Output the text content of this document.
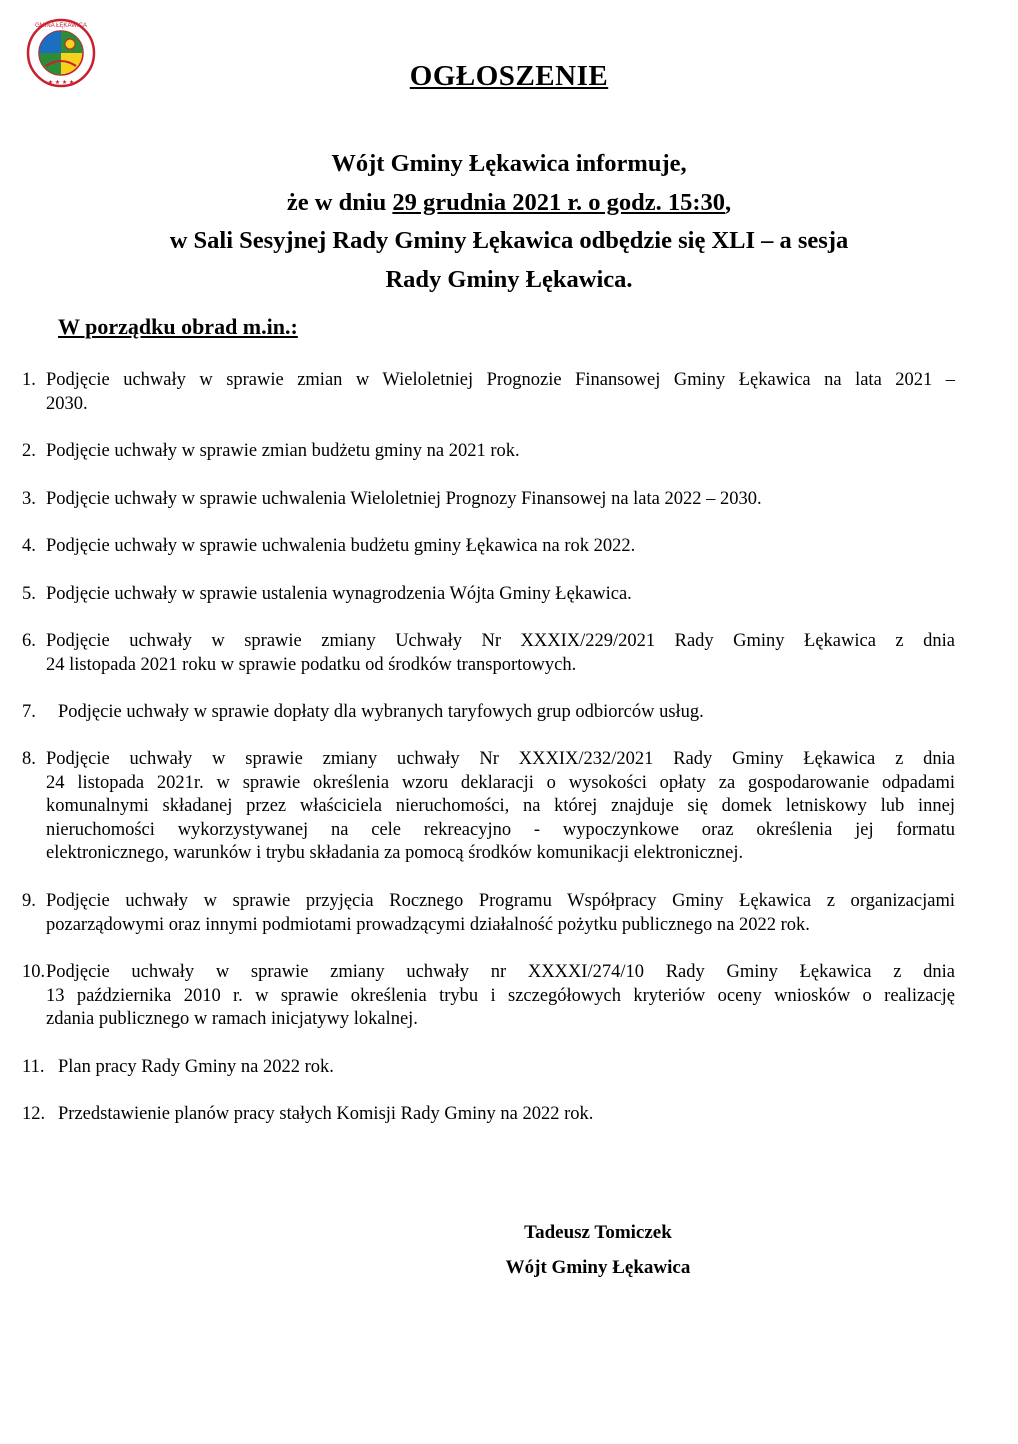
GMINA ŁĘKAWICA
★ ★ ★ ★	OGŁOSZENIE
Wójt Gminy Łękawica informuje,
że w dniu 29 grudnia 2021 r. o godz. 15:30,
w Sali Sesyjnej Rady Gminy Łękawica odbędzie się XLI – a sesja
Rady Gminy Łękawica.
W porządku obrad m.in.:
1. Podjęcie uchwały w sprawie zmian w Wieloletniej Prognozie Finansowej Gminy Łękawica na lata 2021 –
2030.
2. Podjęcie uchwały w sprawie zmian budżetu gminy na 2021 rok.
3. Podjęcie uchwały w sprawie uchwalenia Wieloletniej Prognozy Finansowej na lata 2022 – 2030.
4. Podjęcie uchwały w sprawie uchwalenia budżetu gminy Łękawica na rok 2022.
5. Podjęcie uchwały w sprawie ustalenia wynagrodzenia Wójta Gminy Łękawica.
6. Podjęcie uchwały w sprawie zmiany Uchwały Nr XXXIX/229/2021 Rady Gminy Łękawica z dnia
24 listopada 2021 roku w sprawie podatku od środków transportowych.
7. Podjęcie uchwały w sprawie dopłaty dla wybranych taryfowych grup odbiorców usług.
8. Podjęcie uchwały w sprawie zmiany uchwały Nr XXXIX/232/2021 Rady Gminy Łękawica z dnia
24 listopada 2021r. w sprawie określenia wzoru deklaracji o wysokości opłaty za gospodarowanie odpadami
komunalnymi składanej przez właściciela nieruchomości, na której znajduje się domek letniskowy lub innej
nieruchomości wykorzystywanej na cele rekreacyjno - wypoczynkowe oraz określenia jej formatu
elektronicznego, warunków i trybu składania za pomocą środków komunikacji elektronicznej.
9. Podjęcie uchwały w sprawie przyjęcia Rocznego Programu Współpracy Gminy Łękawica z organizacjami
pozarządowymi oraz innymi podmiotami prowadzącymi działalność pożytku publicznego na 2022 rok.
10. Podjęcie uchwały w sprawie zmiany uchwały nr XXXXI/274/10 Rady Gminy Łękawica z dnia
13 października 2010 r. w sprawie określenia trybu i szczegółowych kryteriów oceny wniosków o realizację
zdania publicznego w ramach inicjatywy lokalnej.
11. Plan pracy Rady Gminy na 2022 rok.
12. Przedstawienie planów pracy stałych Komisji Rady Gminy na 2022 rok.
Tadeusz Tomiczek
Wójt Gminy Łękawica
